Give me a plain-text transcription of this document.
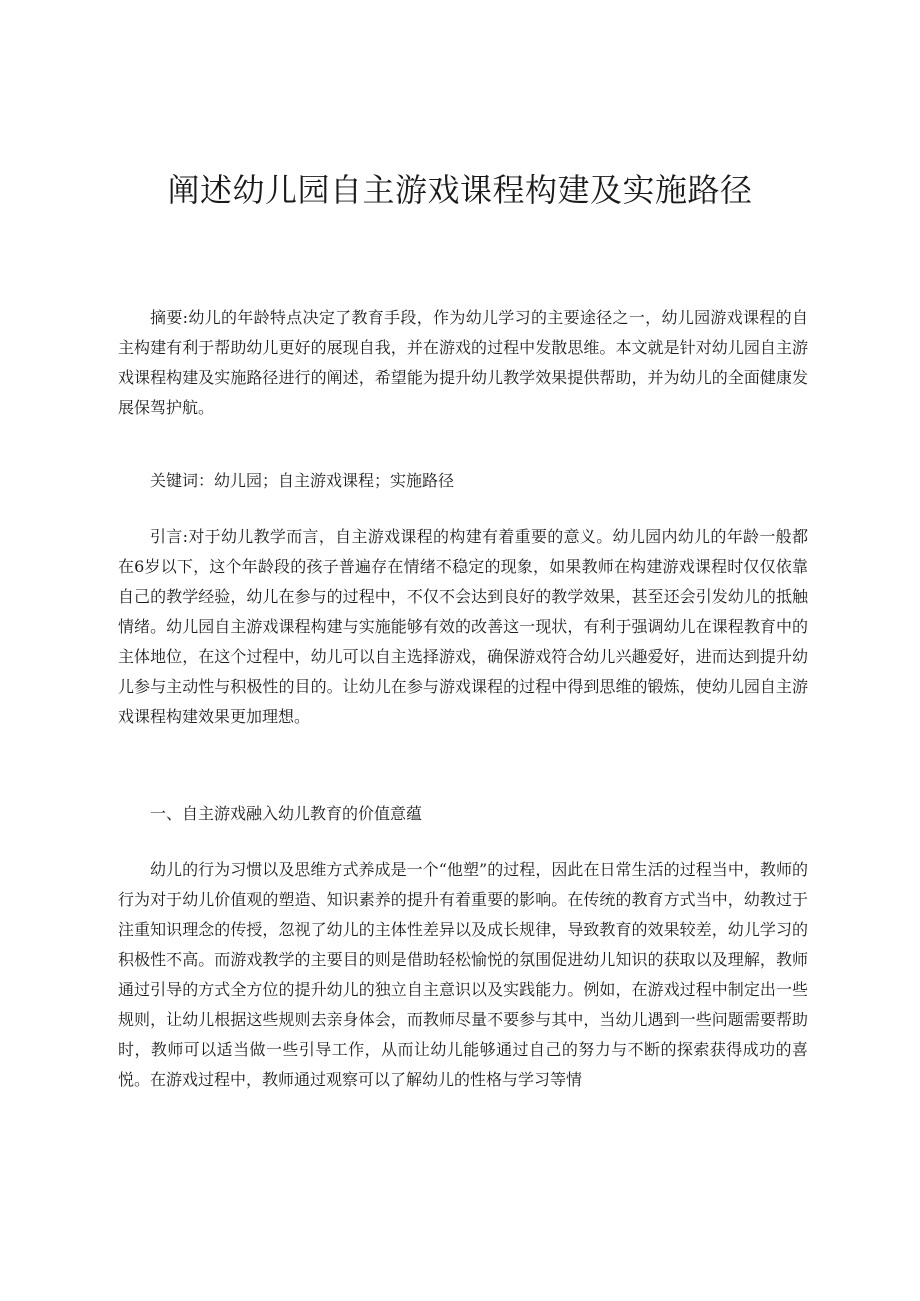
阐述幼儿园自主游戏课程构建及实施路径

摘要:幼儿的年龄特点决定了教育手段，作为幼儿学习的主要途径之一，幼儿园游戏课程的自主构建有利于帮助幼儿更好的展现自我，并在游戏的过程中发散思维。本文就是针对幼儿园自主游戏课程构建及实施路径进行的阐述，希望能为提升幼儿教学效果提供帮助，并为幼儿的全面健康发展保驾护航。

关键词：幼儿园；自主游戏课程；实施路径

引言:对于幼儿教学而言，自主游戏课程的构建有着重要的意义。幼儿园内幼儿的年龄一般都在6岁以下，这个年龄段的孩子普遍存在情绪不稳定的现象，如果教师在构建游戏课程时仅仅依靠自己的教学经验，幼儿在参与的过程中，不仅不会达到良好的教学效果，甚至还会引发幼儿的抵触情绪。幼儿园自主游戏课程构建与实施能够有效的改善这一现状，有利于强调幼儿在课程教育中的主体地位，在这个过程中，幼儿可以自主选择游戏，确保游戏符合幼儿兴趣爱好，进而达到提升幼儿参与主动性与积极性的目的。让幼儿在参与游戏课程的过程中得到思维的锻炼，使幼儿园自主游戏课程构建效果更加理想。

一、自主游戏融入幼儿教育的价值意蕴

幼儿的行为习惯以及思维方式养成是一个“他塑”的过程，因此在日常生活的过程当中，教师的行为对于幼儿价值观的塑造、知识素养的提升有着重要的影响。在传统的教育方式当中，幼教过于注重知识理念的传授，忽视了幼儿的主体性差异以及成长规律，导致教育的效果较差，幼儿学习的积极性不高。而游戏教学的主要目的则是借助轻松愉悦的氛围促进幼儿知识的获取以及理解，教师通过引导的方式全方位的提升幼儿的独立自主意识以及实践能力。例如，在游戏过程中制定出一些规则，让幼儿根据这些规则去亲身体会，而教师尽量不要参与其中，当幼儿遇到一些问题需要帮助时，教师可以适当做一些引导工作，从而让幼儿能够通过自己的努力与不断的探索获得成功的喜悦。在游戏过程中，教师通过观察可以了解幼儿的性格与学习等情
